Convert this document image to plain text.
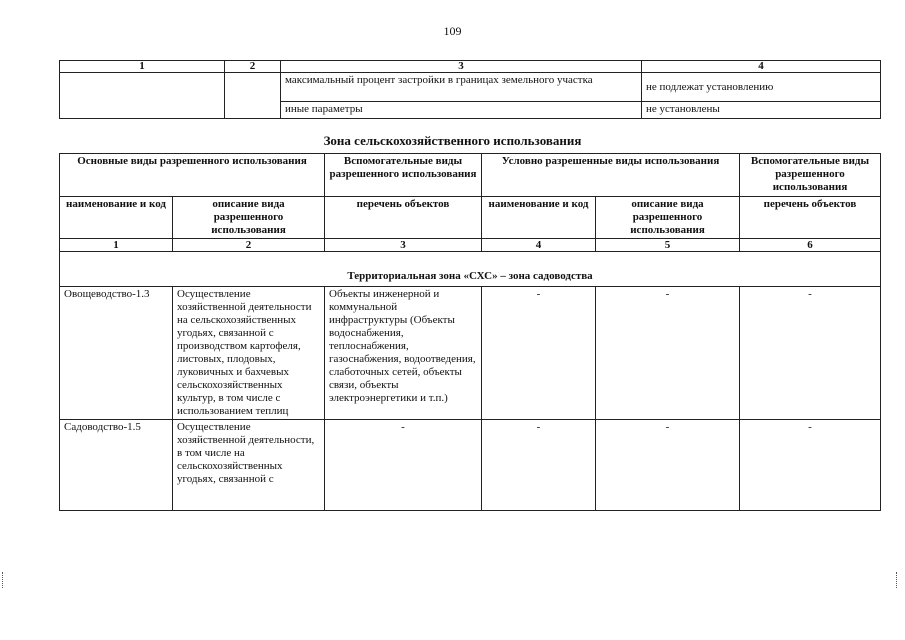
109
1	2	3	4
		максимальный процент застройки в границах земельного участка	не подлежат установлению
		иные параметры	не установлены
Зона сельскохозяйственного использования
Основные виды разрешенного использования		Вспомогательные виды разрешенного использования	Условно разрешенные виды использования		Вспомогательные виды разрешенного использования
наименование и код	описание вида разрешенного использования	перечень объектов	наименование и код	описание вида разрешенного использования	перечень объектов
1	2	3	4	5	6
Территориальная зона «СХС» – зона садоводства					
Овощеводство-1.3	Осуществление хозяйственной деятельности на сельскохозяйственных угодьях, связанной с производством картофеля, листовых, плодовых, луковичных и бахчевых сельскохозяйственных культур, в том числе с использованием теплиц	Объекты инженерной и коммунальной инфраструктуры (Объекты водоснабжения, теплоснабжения, газоснабжения, водоотведения, слаботочных сетей, объекты связи, объекты электроэнергетики и т.п.)	-	-	-
Садоводство-1.5	Осуществление хозяйственной деятельности, в том числе на сельскохозяйственных угодьях, связанной с	-	-	-	-
